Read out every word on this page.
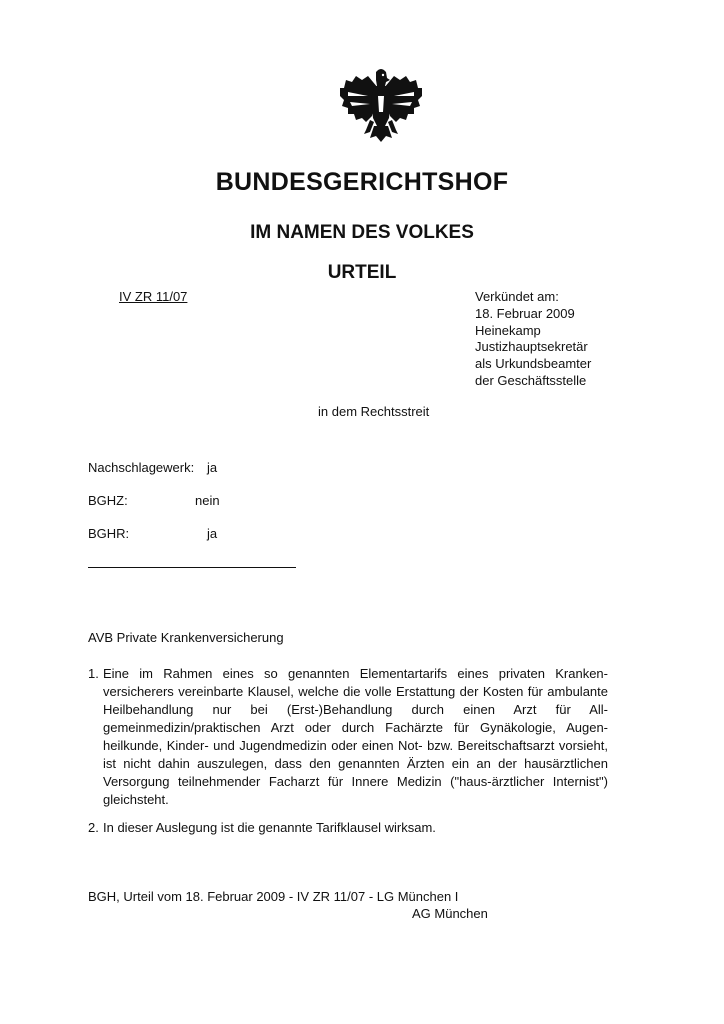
BUNDESGERICHTSHOF
IM NAMEN DES VOLKES
URTEIL
IV ZR 11/07	Verkündet am:
18. Februar 2009
Heinekamp
Justizhauptsekretär
als Urkundsbeamter
der Geschäftsstelle
in dem Rechtsstreit
Nachschlagewerk: ja
BGHZ:	nein
BGHR:	ja
AVB Private Krankenversicherung
1. Eine im Rahmen eines so genannten Elementartarifs eines privaten Kranken-versicherers vereinbarte Klausel, welche die volle Erstattung der Kosten für ambulante Heilbehandlung nur bei (Erst-)Behandlung durch einen Arzt für All-gemeinmedizin/praktischen Arzt oder durch Fachärzte für Gynäkologie, Augen-heilkunde, Kinder- und Jugendmedizin oder einen Not- bzw. Bereitschaftsarzt vorsieht, ist nicht dahin auszulegen, dass den genannten Ärzten ein an der hausärztlichen Versorgung teilnehmender Facharzt für Innere Medizin ("haus-ärztlicher Internist") gleichsteht.
2. In dieser Auslegung ist die genannte Tarifklausel wirksam.
BGH, Urteil vom 18. Februar 2009 - IV ZR 11/07 - LG München I
AG München
